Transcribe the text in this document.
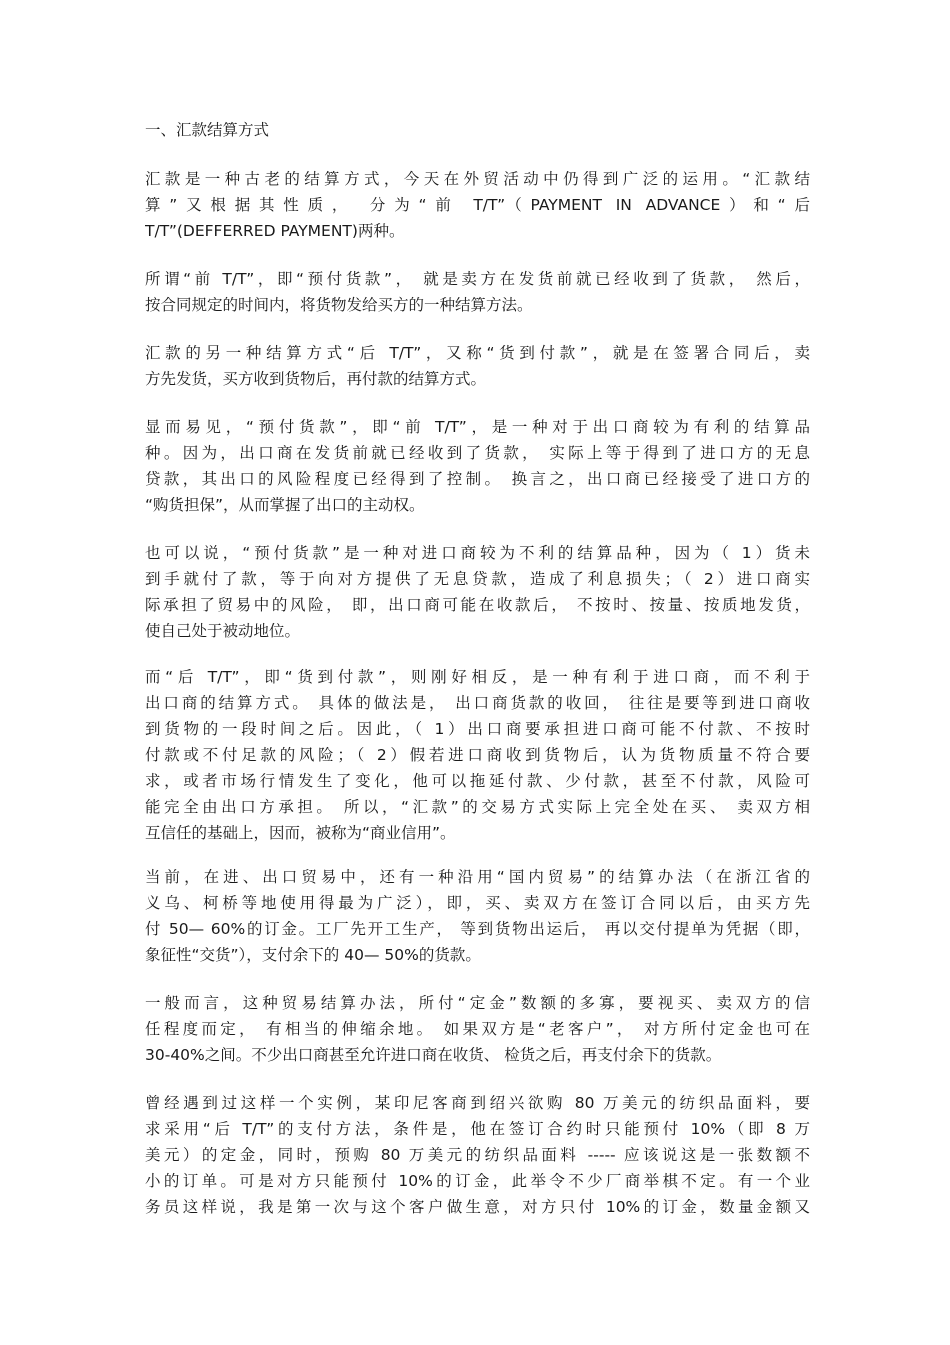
一、汇款结算方式
汇款是一种古老的结算方式，今天在外贸活动中仍得到广泛的运用。“汇款结
算”又根据其性质， 分为“前 T/T”（PAYMENT IN ADVANCE）和“后
T/T”(DEFFERRED PAYMENT)两种。
所谓“前 T/T”，即“预付货款”， 就是卖方在发货前就已经收到了货款， 然后，
按合同规定的时间内，将货物发给买方的一种结算方法。
汇款的另一种结算方式“后 T/T”，又称“货到付款”，就是在签署合同后，卖
方先发货，买方收到货物后，再付款的结算方式。
显而易见，“预付货款”，即“前 T/T”，是一种对于出口商较为有利的结算品
种。因为，出口商在发货前就已经收到了货款， 实际上等于得到了进口方的无息
贷款，其出口的风险程度已经得到了控制。 换言之，出口商已经接受了进口方的
“购货担保”，从而掌握了出口的主动权。
也可以说，“预付货款”是一种对进口商较为不利的结算品种，因为（ 1）货未
到手就付了款，等于向对方提供了无息贷款，造成了利息损失；（ 2）进口商实
际承担了贸易中的风险， 即，出口商可能在收款后， 不按时、按量、按质地发货，
使自己处于被动地位。
而“后 T/T”，即“货到付款”，则刚好相反，是一种有利于进口商，而不利于
出口商的结算方式。 具体的做法是， 出口商货款的收回， 往往是要等到进口商收
到货物的一段时间之后。因此，（ 1）出口商要承担进口商可能不付款、不按时
付款或不付足款的风险；（ 2）假若进口商收到货物后，认为货物质量不符合要
求，或者市场行情发生了变化，他可以拖延付款、少付款，甚至不付款，风险可
能完全由出口方承担。 所以，“汇款”的交易方式实际上完全处在买、 卖双方相
互信任的基础上，因而，被称为“商业信用”。
当前，在进、出口贸易中，还有一种沿用“国内贸易”的结算办法（在浙江省的
义乌、柯桥等地使用得最为广泛），即，买、卖双方在签订合同以后，由买方先
付 50— 60%的订金。工厂先开工生产， 等到货物出运后， 再以交付提单为凭据（即，
象征性“交货”），支付余下的 40— 50%的货款。
一般而言，这种贸易结算办法，所付“定金”数额的多寡，要视买、卖双方的信
任程度而定， 有相当的伸缩余地。 如果双方是“老客户”， 对方所付定金也可在
30-40%之间。不少出口商甚至允许进口商在收货、 检货之后，再支付余下的货款。
曾经遇到过这样一个实例，某印尼客商到绍兴欲购 80 万美元的纺织品面料，要
求采用“后 T/T”的支付方法，条件是，他在签订合约时只能预付 10%（即 8 万
美元）的定金，同时，预购 80 万美元的纺织品面料 ----- 应该说这是一张数额不
小的订单。可是对方只能预付 10%的订金，此举令不少厂商举棋不定。有一个业
务员这样说，我是第一次与这个客户做生意，对方只付 10%的订金，数量金额又
